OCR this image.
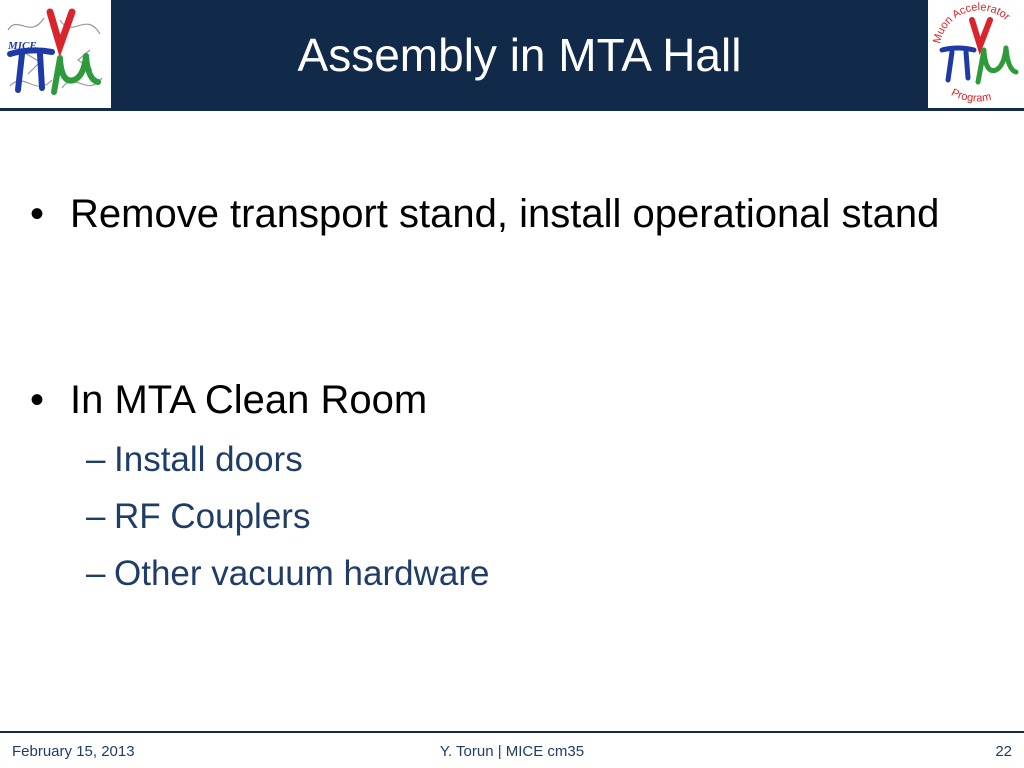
MICE	Assembly in MTA Hall	Muon Accelerator
Program
• Remove transport stand, install operational stand
• In MTA Clean Room
– Install doors
– RF Couplers
– Other vacuum hardware
Y. Torun | MICE cm35
February 15, 2013	22
